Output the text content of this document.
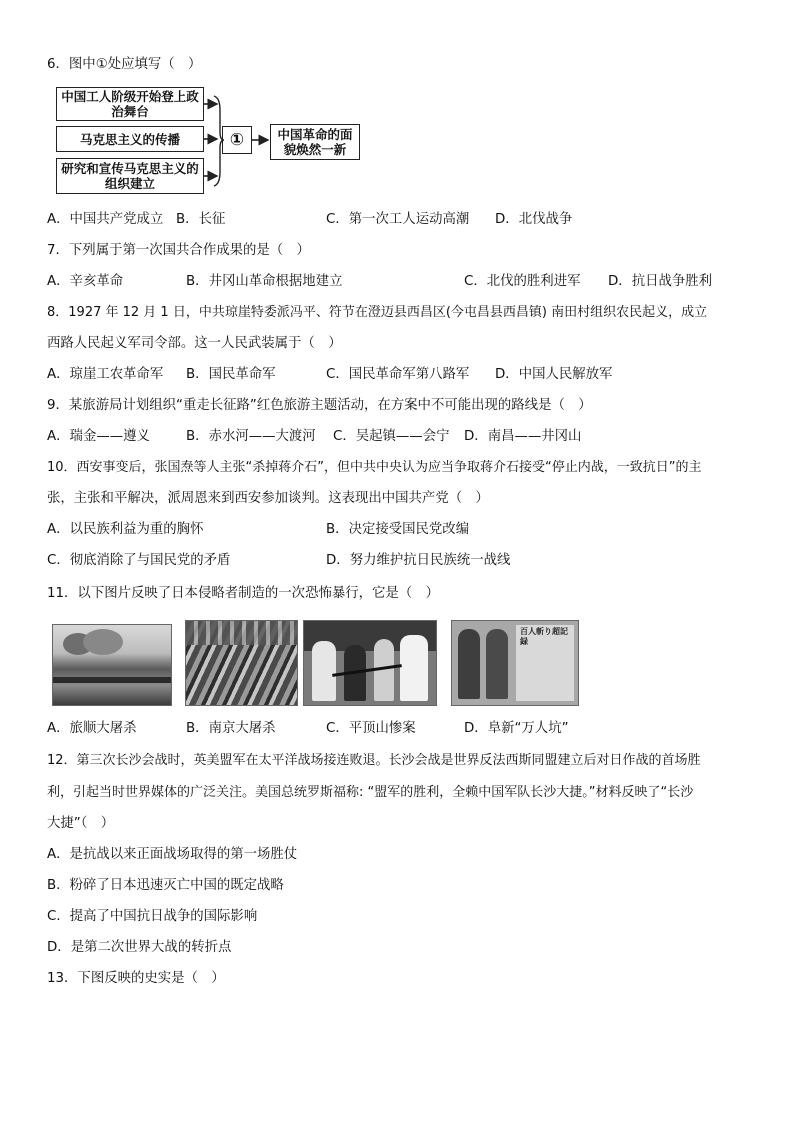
6．图中①处应填写（　）
中国工人阶级开始登上政治舞台
马克思主义的传播
研究和宣传马克思主义的组织建立
①	中国革命的面貌焕然一新
A．中国共产党成立 B．长征	C．第一次工人运动高潮 D．北伐战争
7．下列属于第一次国共合作成果的是（　）
A．辛亥革命	B．井冈山革命根据地建立	C．北伐的胜利进军 D．抗日战争胜利
8．1927 年 12 月 1 日，中共琼崖特委派冯平、符节在澄迈县西昌区(今屯昌县西昌镇) 南田村组织农民起义，成立
西路人民起义军司令部。这一人民武装属于（　）
A．琼崖工农革命军 B．国民革命军	C．国民革命军第八路军 D．中国人民解放军
9．某旅游局计划组织“重走长征路”红色旅游主题活动，在方案中不可能出现的路线是（　）
A．瑞金——遵义	B．赤水河——大渡河 C．吴起镇——会宁 D．南昌——井冈山
10．西安事变后，张国焘等人主张“杀掉蒋介石”，但中共中央认为应当争取蒋介石接受“停止内战，一致抗日”的主
张，主张和平解决，派周恩来到西安参加谈判。这表现出中国共产党（　）
A．以民族利益为重的胸怀	B．决定接受国民党改编
C．彻底消除了与国民党的矛盾	D．努力维护抗日民族统一战线
11．以下图片反映了日本侵略者制造的一次恐怖暴行，它是（　）
百人斬り超記録
A．旅顺大屠杀	B．南京大屠杀	C．平顶山惨案	D．阜新“万人坑”
12．第三次长沙会战时，英美盟军在太平洋战场接连败退。长沙会战是世界反法西斯同盟建立后对日作战的首场胜
利，引起当时世界媒体的广泛关注。美国总统罗斯福称: “盟军的胜利，全赖中国军队长沙大捷。”材料反映了“长沙
大捷”（　）
A．是抗战以来正面战场取得的第一场胜仗
B．粉碎了日本迅速灭亡中国的既定战略
C．提高了中国抗日战争的国际影响
D．是第二次世界大战的转折点
13．下图反映的史实是（　）
